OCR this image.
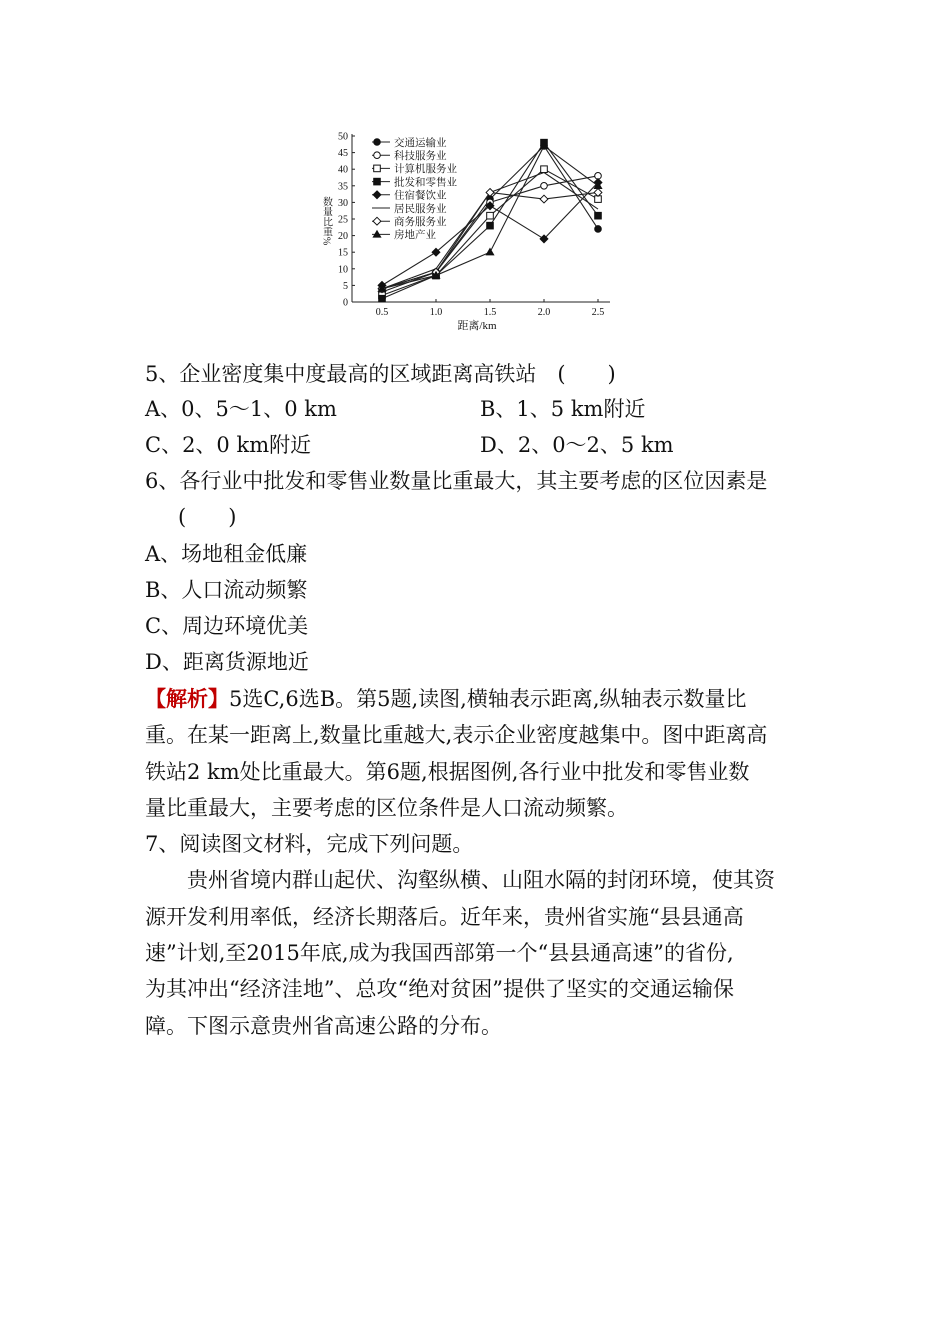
0
5
10
15
20
25
30
35
40
45
50
0.5	1.0	1.5	2.0	2.5
交通运输业
科技服务业
计算机服务业
批发和零售业
住宿餐饮业
居民服务业
商务服务业
房地产业
距离/km
数量比重%
5、企业密度集中度最高的区域距离高铁站　(　　)
A、0、5～1、0 km	B、1、5 km附近
C、2、0 km附近	D、2、0～2、5 km
6、各行业中批发和零售业数量比重最大，其主要考虑的区位因素是
(　　)
A、场地租金低廉
B、人口流动频繁
C、周边环境优美
D、距离货源地近
【解析】5选C,6选B。第5题,读图,横轴表示距离,纵轴表示数量比
重。在某一距离上,数量比重越大,表示企业密度越集中。图中距离高
铁站2 km处比重最大。第6题,根据图例,各行业中批发和零售业数
量比重最大，主要考虑的区位条件是人口流动频繁。
7、阅读图文材料，完成下列问题。
贵州省境内群山起伏、沟壑纵横、山阻水隔的封闭环境，使其资
源开发利用率低，经济长期落后。近年来，贵州省实施“县县通高
速”计划,至2015年底,成为我国西部第一个“县县通高速”的省份,
为其冲出“经济洼地”、总攻“绝对贫困”提供了坚实的交通运输保
障。下图示意贵州省高速公路的分布。
